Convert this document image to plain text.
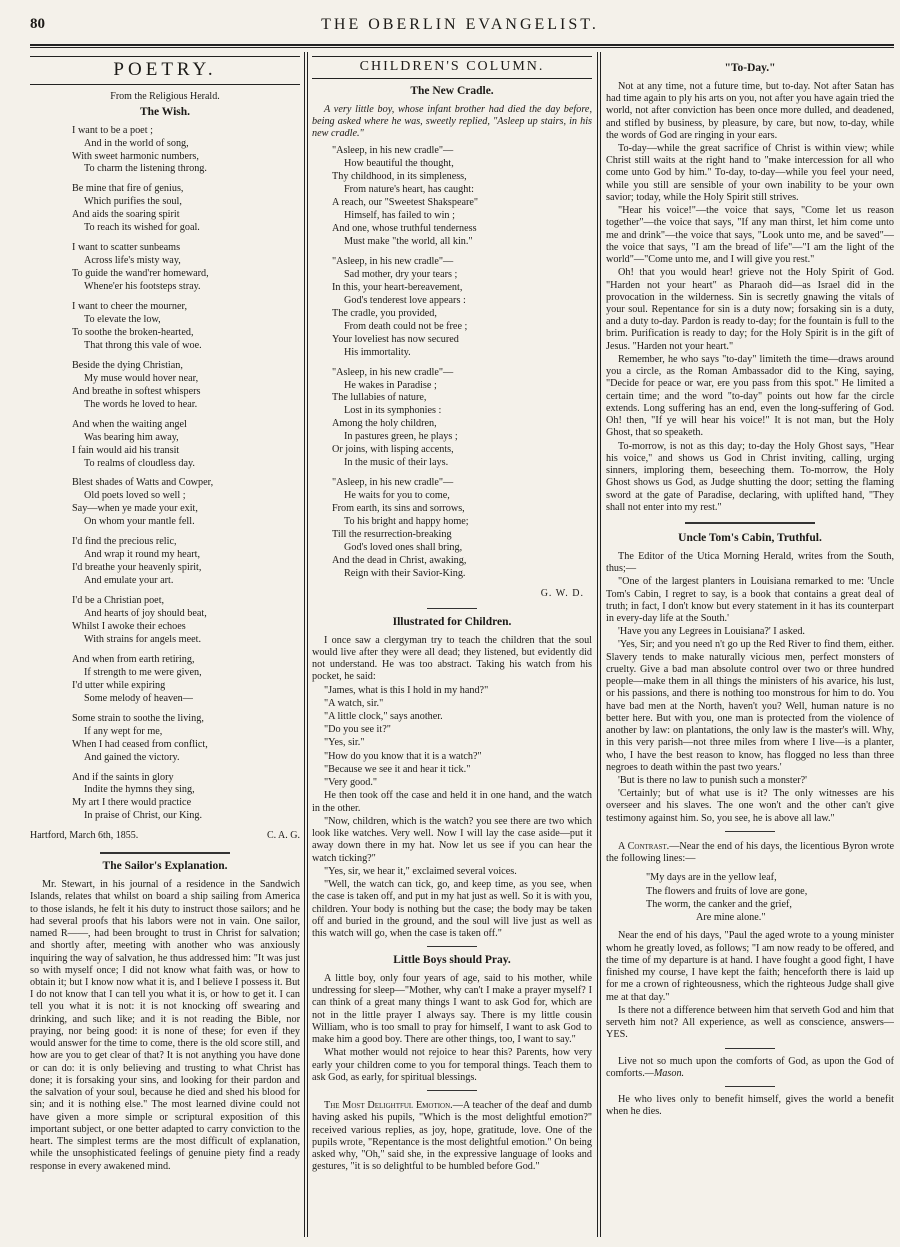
80	THE OBERLIN EVANGELIST.
POETRY.
From the Religious Herald.
The Wish.
I want to be a poet ;
And in the world of song,
With sweet harmonic numbers,
To charm the listening throng.
Be mine that fire of genius,
Which purifies the soul,
And aids the soaring spirit
To reach its wished for goal.
I want to scatter sunbeams
Across life's misty way,
To guide the wand'rer homeward,
Whene'er his footsteps stray.
I want to cheer the mourner,
To elevate the low,
To soothe the broken-hearted,
That throng this vale of woe.
Beside the dying Christian,
My muse would hover near,
And breathe in softest whispers
The words he loved to hear.
And when the waiting angel
Was bearing him away,
I fain would aid his transit
To realms of cloudless day.
Blest shades of Watts and Cowper,
Old poets loved so well ;
Say—when ye made your exit,
On whom your mantle fell.
I'd find the precious relic,
And wrap it round my heart,
I'd breathe your heavenly spirit,
And emulate your art.
I'd be a Christian poet,
And hearts of joy should beat,
Whilst I awoke their echoes
With strains for angels meet.
And when from earth retiring,
If strength to me were given,
I'd utter while expiring
Some melody of heaven—
Some strain to soothe the living,
If any wept for me,
When I had ceased from conflict,
And gained the victory.
And if the saints in glory
Indite the hymns they sing,
My art I there would practice
In praise of Christ, our King.
Hartford, March 6th, 1855.	C. A. G.
The Sailor's Explanation.

Mr. Stewart, in his journal of a residence in the Sandwich Islands, relates that whilst on board a ship sailing from America to those islands, he felt it his duty to instruct those sailors; and he had several proofs that his labors were not in vain. One sailor, named R——, had been brought to trust in Christ for salvation; and shortly after, meeting with another who was anxiously inquiring the way of salvation, he thus addressed him: "It was just so with myself once; I did not know what faith was, or how to obtain it; but I know now what it is, and I believe I possess it. But I do not know that I can tell you what it is, or how to get it. I can tell you what it is not: it is not knocking off swearing and drinking, and such like; and it is not reading the Bible, nor praying, nor being good: it is none of these; for even if they would answer for the time to come, there is the old score still, and how are you to get clear of that? It is not anything you have done or can do: it is only believing and trusting to what Christ has done; it is forsaking your sins, and looking for their pardon and the salvation of your soul, because he died and shed his blood for sin; and it is nothing else." The most learned divine could not have given a more simple or scriptural exposition of this important subject, or one better adapted to carry conviction to the heart. The simplest terms are the most difficult of explanation, while the unsophisticated feelings of genuine piety find a ready response in every awakened mind.

CHILDREN'S COLUMN.
The New Cradle.

A very little boy, whose infant brother had died the day before, being asked where he was, sweetly replied, "Asleep up stairs, in his new cradle."

"Asleep, in his new cradle"—
How beautiful the thought,
Thy childhood, in its simpleness,
From nature's heart, has caught:
A reach, our "Sweetest Shakspeare"
Himself, has failed to win ;
And one, whose truthful tenderness
Must make "the world, all kin."
"Asleep, in his new cradle"—
Sad mother, dry your tears ;
In this, your heart-bereavement,
God's tenderest love appears :
The cradle, you provided,
From death could not be free ;
Your loveliest has now secured
His immortality.
"Asleep, in his new cradle"—
He wakes in Paradise ;
The lullabies of nature,
Lost in its symphonies :
Among the holy children,
In pastures green, he plays ;
Or joins, with lisping accents,
In the music of their lays.
"Asleep, in his new cradle"—
He waits for you to come,
From earth, its sins and sorrows,
To his bright and happy home;
Till the resurrection-breaking
God's loved ones shall bring,
And the dead in Christ, awaking,
Reign with their Savior-King.
G. W. D.
Illustrated for Children.

I once saw a clergyman try to teach the children that the soul would live after they were all dead; they listened, but evidently did not understand. He was too abstract. Taking his watch from his pocket, he said:

"James, what is this I hold in my hand?"

"A watch, sir."

"A little clock," says another.

"Do you see it?"

"Yes, sir."

"How do you know that it is a watch?"

"Because we see it and hear it tick."

"Very good."

He then took off the case and held it in one hand, and the watch in the other.

"Now, children, which is the watch? you see there are two which look like watches. Very well. Now I will lay the case aside—put it away down there in my hat. Now let us see if you can hear the watch ticking?"

"Yes, sir, we hear it," exclaimed several voices.

"Well, the watch can tick, go, and keep time, as you see, when the case is taken off, and put in my hat just as well. So it is with you, children. Your body is nothing but the case; the body may be taken off and buried in the ground, and the soul will live just as well as this watch will go, when the case is taken off."

Little Boys should Pray.

A little boy, only four years of age, said to his mother, while undressing for sleep—"Mother, why can't I make a prayer myself? I can think of a great many things I want to ask God for, which are not in the little prayer I always say. There is my little cousin William, who is too small to pray for himself, I want to ask God to make him a good boy. There are other things, too, I want to say."

What mother would not rejoice to hear this? Parents, how very early your children come to you for temporal things. Teach them to ask God, as early, for spiritual blessings.

The Most Delightful Emotion.—A teacher of the deaf and dumb having asked his pupils, "Which is the most delightful emotion?" received various replies, as joy, hope, gratitude, love. One of the pupils wrote, "Repentance is the most delightful emotion." On being asked why, "Oh," said she, in the expressive language of looks and gestures, "it is so delightful to be humbled before God."

"To-Day."

Not at any time, not a future time, but to-day. Not after Satan has had time again to ply his arts on you, not after you have again tried the world, not after conviction has been once more dulled, and deadened, and stifled by business, by pleasure, by care, but now, to-day, while the words of God are ringing in your ears.

To-day—while the great sacrifice of Christ is within view; while Christ still waits at the right hand to "make intercession for all who come unto God by him." To-day, to-day—while you feel your need, while you still are sensible of your own inability to be your own savior; today, while the Holy Spirit still strives.

"Hear his voice!"—the voice that says, "Come let us reason together"—the voice that says, "If any man thirst, let him come unto me and drink"—the voice that says, "Look unto me, and be saved"—the voice that says, "I am the bread of life"—"I am the light of the world"—"Come unto me, and I will give you rest."

Oh! that you would hear! grieve not the Holy Spirit of God. "Harden not your heart" as Pharaoh did—as Israel did in the provocation in the wilderness. Sin is secretly gnawing the vitals of your soul. Repentance for sin is a duty now; forsaking sin is a duty, and a duty to-day. Pardon is ready to-day; for the fountain is full to the brim. Purification is ready to day; for the Holy Spirit is in the gift of Jesus. "Harden not your heart."

Remember, he who says "to-day" limiteth the time—draws around you a circle, as the Roman Ambassador did to the King, saying, "Decide for peace or war, ere you pass from this spot." He limited a certain time; and the word "to-day" points out how far the circle extends. Long suffering has an end, even the long-suffering of God. Oh! then, "If ye will hear his voice!" It is not man, but the Holy Ghost, that so speaketh.

To-morrow, is not as this day; to-day the Holy Ghost says, "Hear his voice," and shows us God in Christ inviting, calling, urging sinners, imploring them, beseeching them. To-morrow, the Holy Ghost shows us God, as Judge shutting the door; setting the flaming sword at the gate of Paradise, declaring, with uplifted hand, "They shall not enter into my rest."

Uncle Tom's Cabin, Truthful.

The Editor of the Utica Morning Herald, writes from the South, thus;—

"One of the largest planters in Louisiana remarked to me: 'Uncle Tom's Cabin, I regret to say, is a book that contains a great deal of truth; in fact, I don't know but every statement in it has its counterpart in every-day life at the South.'

'Have you any Legrees in Louisiana?' I asked.

'Yes, Sir; and you need n't go up the Red River to find them, either. Slavery tends to make naturally vicious men, perfect monsters of cruelty. Give a bad man absolute control over two or three hundred people—make them in all things the ministers of his avarice, his lust, or his passions, and there is nothing too monstrous for him to do. You have bad men at the North, haven't you? Well, human nature is no better here. But with you, one man is protected from the violence of another by law: on plantations, the only law is the master's will. Why, in this very parish—not three miles from where I live—is a planter, who, I have the best reason to know, has flogged no less than three negroes to death within the past two years.'

'But is there no law to punish such a monster?'

'Certainly; but of what use is it? The only witnesses are his overseer and his slaves. The one won't and the other can't give testimony against him. So, you see, he is above all law."

A Contrast.—Near the end of his days, the licentious Byron wrote the following lines:—

"My days are in the yellow leaf,
The flowers and fruits of love are gone,
The worm, the canker and the grief,
Are mine alone."

Near the end of his days, "Paul the aged wrote to a young minister whom he greatly loved, as follows; "I am now ready to be offered, and the time of my departure is at hand. I have fought a good fight, I have finished my course, I have kept the faith; henceforth there is laid up for me a crown of righteousness, which the righteous Judge shall give me at that day."

Is there not a difference between him that serveth God and him that serveth him not? All experience, as well as conscience, answers—YES.

Live not so much upon the comforts of God, as upon the God of comforts.—Mason.

He who lives only to benefit himself, gives the world a benefit when he dies.
